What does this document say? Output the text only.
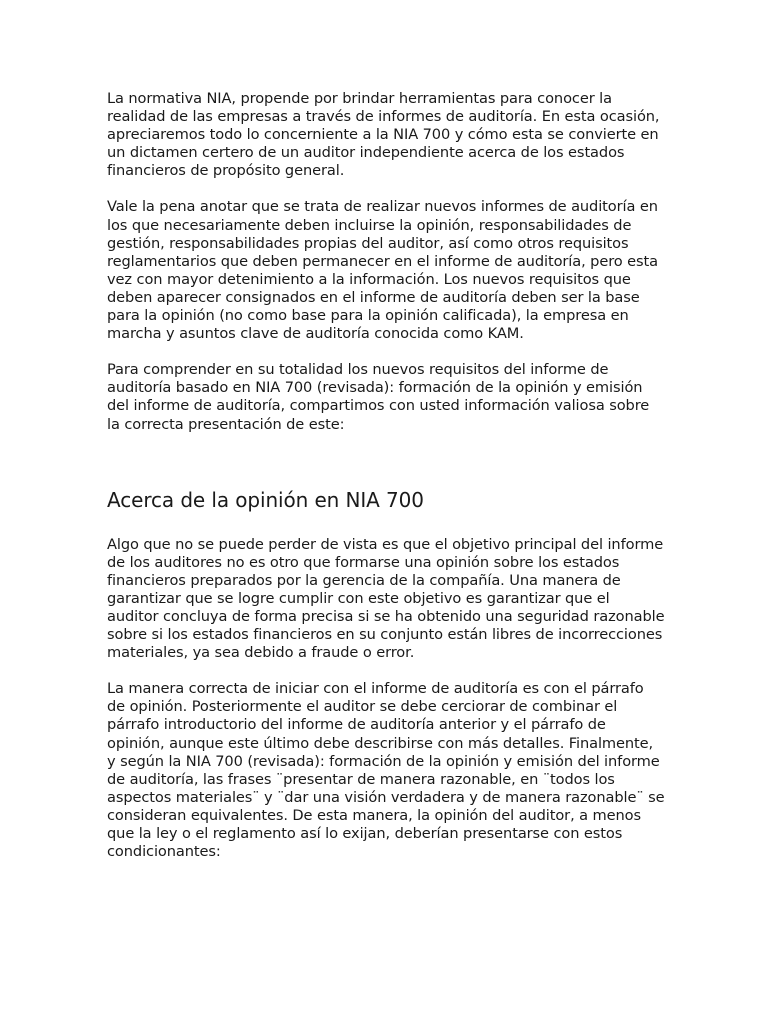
La normativa NIA, propende por brindar herramientas para conocer la realidad de las empresas a través de informes de auditoría. En esta ocasión, apreciaremos todo lo concerniente a la NIA 700 y cómo esta se convierte en un dictamen certero de un auditor independiente acerca de los estados financieros de propósito general.

Vale la pena anotar que se trata de realizar nuevos informes de auditoría en los que necesariamente deben incluirse la opinión, responsabilidades de gestión, responsabilidades propias del auditor, así como otros requisitos reglamentarios que deben permanecer en el informe de auditoría, pero esta vez con mayor detenimiento a la información. Los nuevos requisitos que deben aparecer consignados en el informe de auditoría deben ser la base para la opinión (no como base para la opinión calificada), la empresa en marcha y asuntos clave de auditoría conocida como KAM.

Para comprender en su totalidad los nuevos requisitos del informe de auditoría basado en NIA 700 (revisada): formación de la opinión y emisión del informe de auditoría, compartimos con usted información valiosa sobre la correcta presentación de este:

Acerca de la opinión en NIA 700

Algo que no se puede perder de vista es que el objetivo principal del informe de los auditores no es otro que formarse una opinión sobre los estados financieros preparados por la gerencia de la compañía. Una manera de garantizar que se logre cumplir con este objetivo es garantizar que el auditor concluya de forma precisa si se ha obtenido una seguridad razonable sobre si los estados financieros en su conjunto están libres de incorrecciones materiales, ya sea debido a fraude o error.

La manera correcta de iniciar con el informe de auditoría es con el párrafo de opinión. Posteriormente el auditor se debe cerciorar de combinar el párrafo introductorio del informe de auditoría anterior y el párrafo de opinión, aunque este último debe describirse con más detalles. Finalmente, y según la NIA 700 (revisada): formación de la opinión y emisión del informe de auditoría, las frases ¨presentar de manera razonable, en ¨todos los aspectos materiales¨ y ¨dar una visión verdadera y de manera razonable¨ se consideran equivalentes. De esta manera, la opinión del auditor, a menos que la ley o el reglamento así lo exijan, deberían presentarse con estos condicionantes:
